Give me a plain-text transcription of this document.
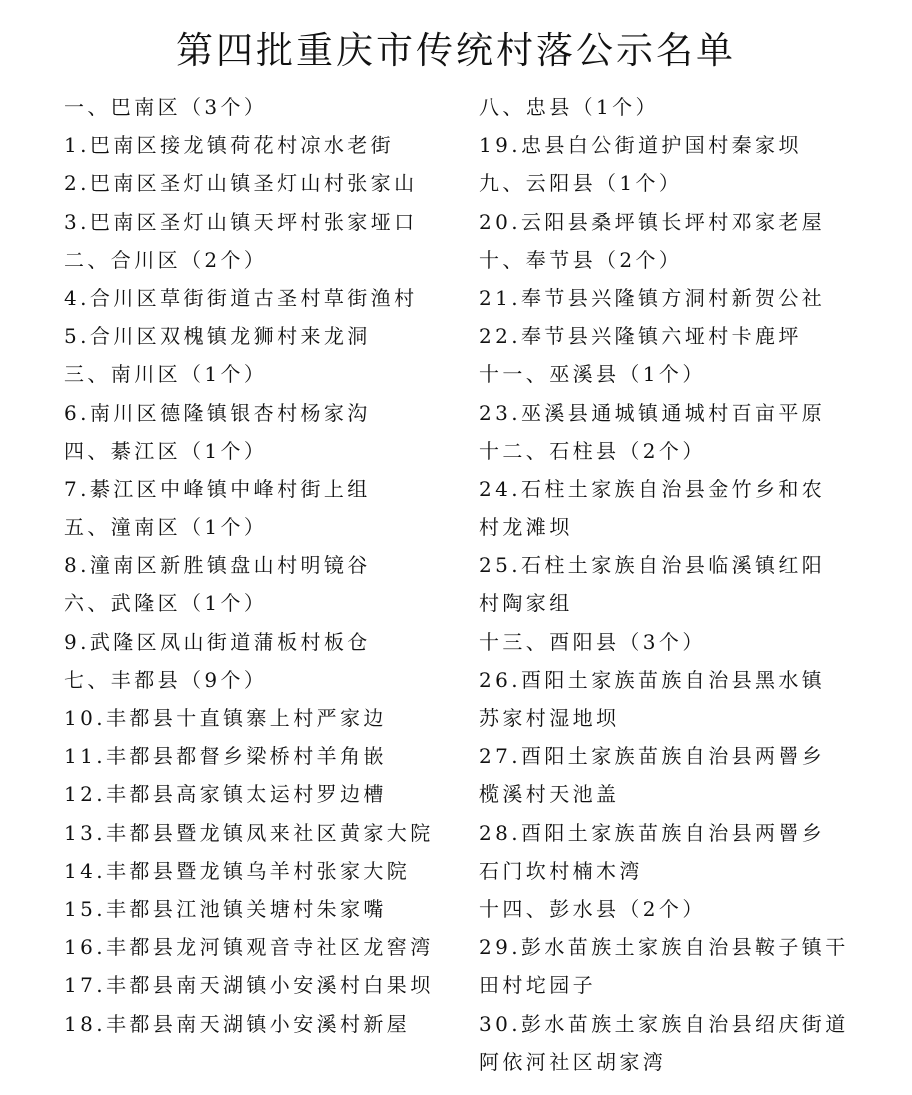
第四批重庆市传统村落公示名单
一、巴南区（3个）
1.巴南区接龙镇荷花村凉水老街
2.巴南区圣灯山镇圣灯山村张家山
3.巴南区圣灯山镇天坪村张家垭口
二、合川区（2个）
4.合川区草街街道古圣村草街渔村
5.合川区双槐镇龙狮村来龙洞
三、南川区（1个）
6.南川区德隆镇银杏村杨家沟
四、綦江区（1个）
7.綦江区中峰镇中峰村街上组
五、潼南区（1个）
8.潼南区新胜镇盘山村明镜谷
六、武隆区（1个）
9.武隆区凤山街道蒲板村板仓
七、丰都县（9个）
10.丰都县十直镇寨上村严家边
11.丰都县都督乡梁桥村羊角嵌
12.丰都县高家镇太运村罗边槽
13.丰都县暨龙镇凤来社区黄家大院
14.丰都县暨龙镇乌羊村张家大院
15.丰都县江池镇关塘村朱家嘴
16.丰都县龙河镇观音寺社区龙窖湾
17.丰都县南天湖镇小安溪村白果坝
18.丰都县南天湖镇小安溪村新屋
八、忠县（1个）
19.忠县白公街道护国村秦家坝
九、云阳县（1个）
20.云阳县桑坪镇长坪村邓家老屋
十、奉节县（2个）
21.奉节县兴隆镇方洞村新贺公社
22.奉节县兴隆镇六垭村卡鹿坪
十一、巫溪县（1个）
23.巫溪县通城镇通城村百亩平原
十二、石柱县（2个）
24.石柱土家族自治县金竹乡和农
村龙滩坝
25.石柱土家族自治县临溪镇红阳
村陶家组
十三、酉阳县（3个）
26.酉阳土家族苗族自治县黑水镇
苏家村湿地坝
27.酉阳土家族苗族自治县两罾乡
榄溪村天池盖
28.酉阳土家族苗族自治县两罾乡
石门坎村楠木湾
十四、彭水县（2个）
29.彭水苗族土家族自治县鞍子镇干
田村坨园子
30.彭水苗族土家族自治县绍庆街道
阿依河社区胡家湾
